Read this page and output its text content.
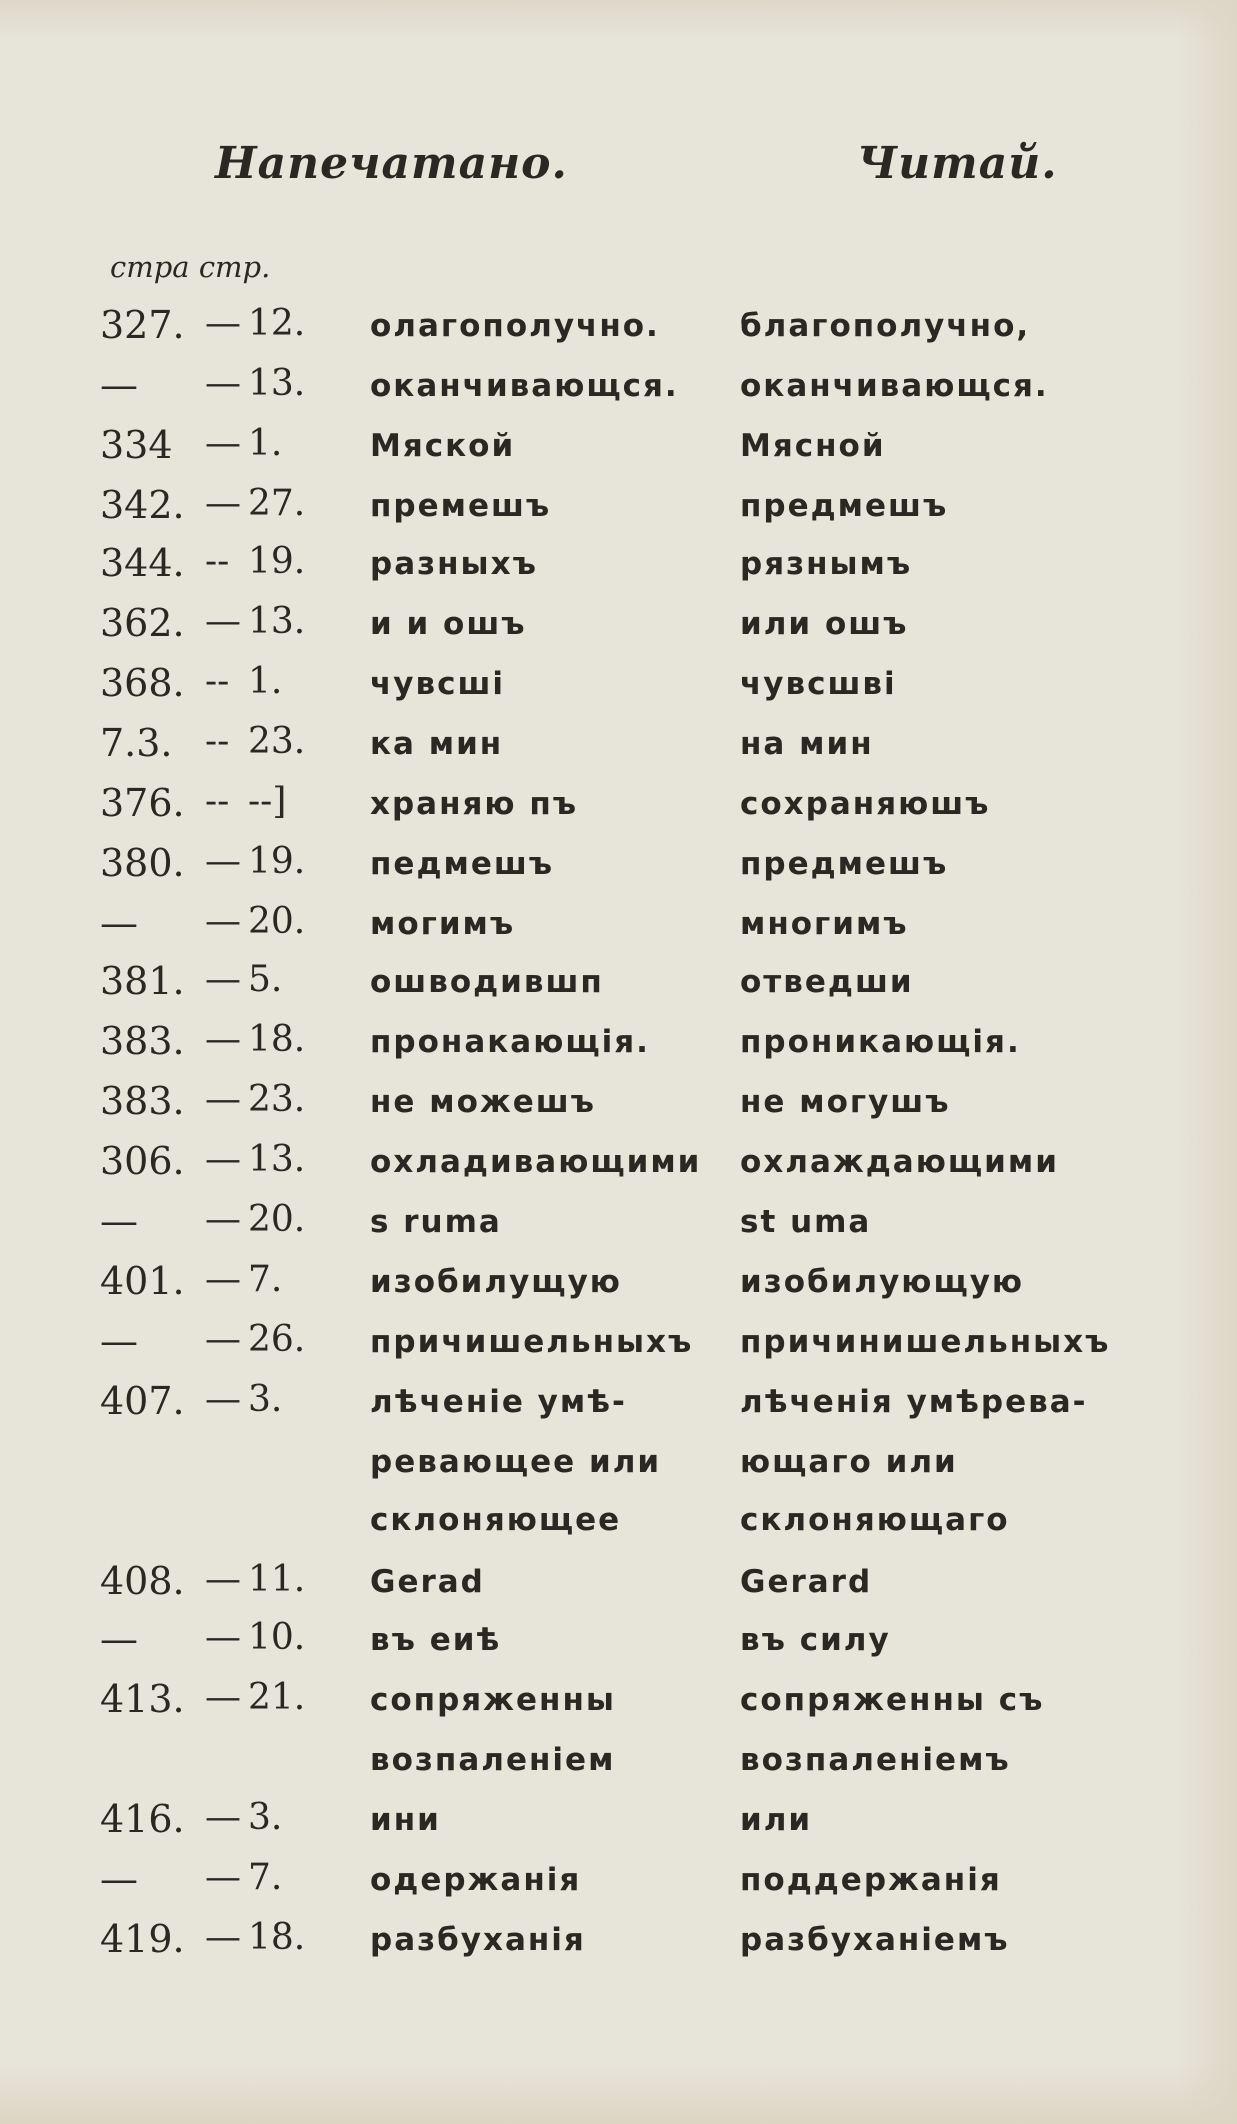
Напечатано.	Читай.
стра стр.
327. — 12. олагополучно.	благополучно,
— — 13. оканчивающся. оканчивающся.
334 — 1.	Мяской	Мясной
342. — 27. премешъ	предмешъ
344. -- 19. разныхъ	рязнымъ
362. — 13. и и ошъ	или ошъ
368. -- 1.	чувсшi	чувсшвi
7.3. -- 23. ка мин	на мин
376. -- --]	храняю пъ	сохраняюшъ
380. — 19. педмешъ	предмешъ
— — 20. могимъ	многимъ
381. — 5.	ошводившп	отведши
383. — 18. пронакающiя.	проникающiя.
383. — 23. не можешъ	не могушъ
306. — 13. охладивающими охлаждающими
— — 20. s ruma	st uma
401. — 7.	изобилущую	изобилующую
— — 26. причишельныхъ причинишельныхъ
407. — 3.	лѣченiе умѣ-	лѣченiя умѣрева-
ревающее или	ющаго или
склоняющее	склоняющаго
408. — 11. Gerad	Gerard
— — 10. въ еиѣ	въ силу
413. — 21. сопряженны	сопряженны съ
возпаленiем	возпаленiемъ
416. — 3.	ини	или
— — 7.	одержанiя	поддержанiя
419. — 18. разбуханiя	разбуханiемъ
